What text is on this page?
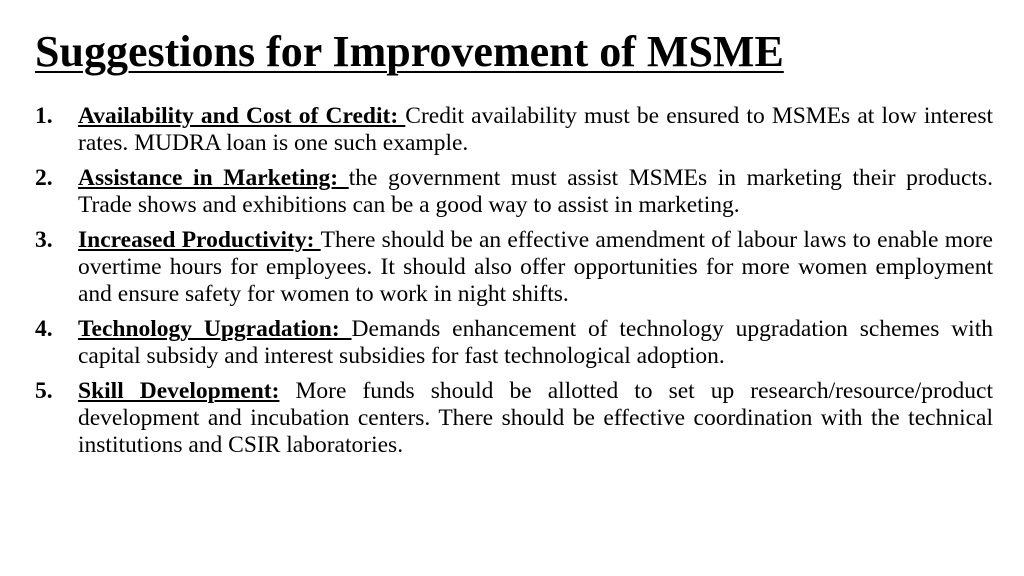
Suggestions for Improvement of MSME
1.	Availability and Cost of Credit: Credit availability must be ensured to MSMEs at low interest rates. MUDRA loan is one such example.
2.	Assistance in Marketing: the government must assist MSMEs in marketing their products. Trade shows and exhibitions can be a good way to assist in marketing.
3.	Increased Productivity: There should be an effective amendment of labour laws to enable more overtime hours for employees. It should also offer opportunities for more women employment and ensure safety for women to work in night shifts.
4.	Technology Upgradation: Demands enhancement of technology upgradation schemes with capital subsidy and interest subsidies for fast technological adoption.
5.	Skill Development: More funds should be allotted to set up research/resource/product development and incubation centers. There should be effective coordination with the technical institutions and CSIR laboratories.
